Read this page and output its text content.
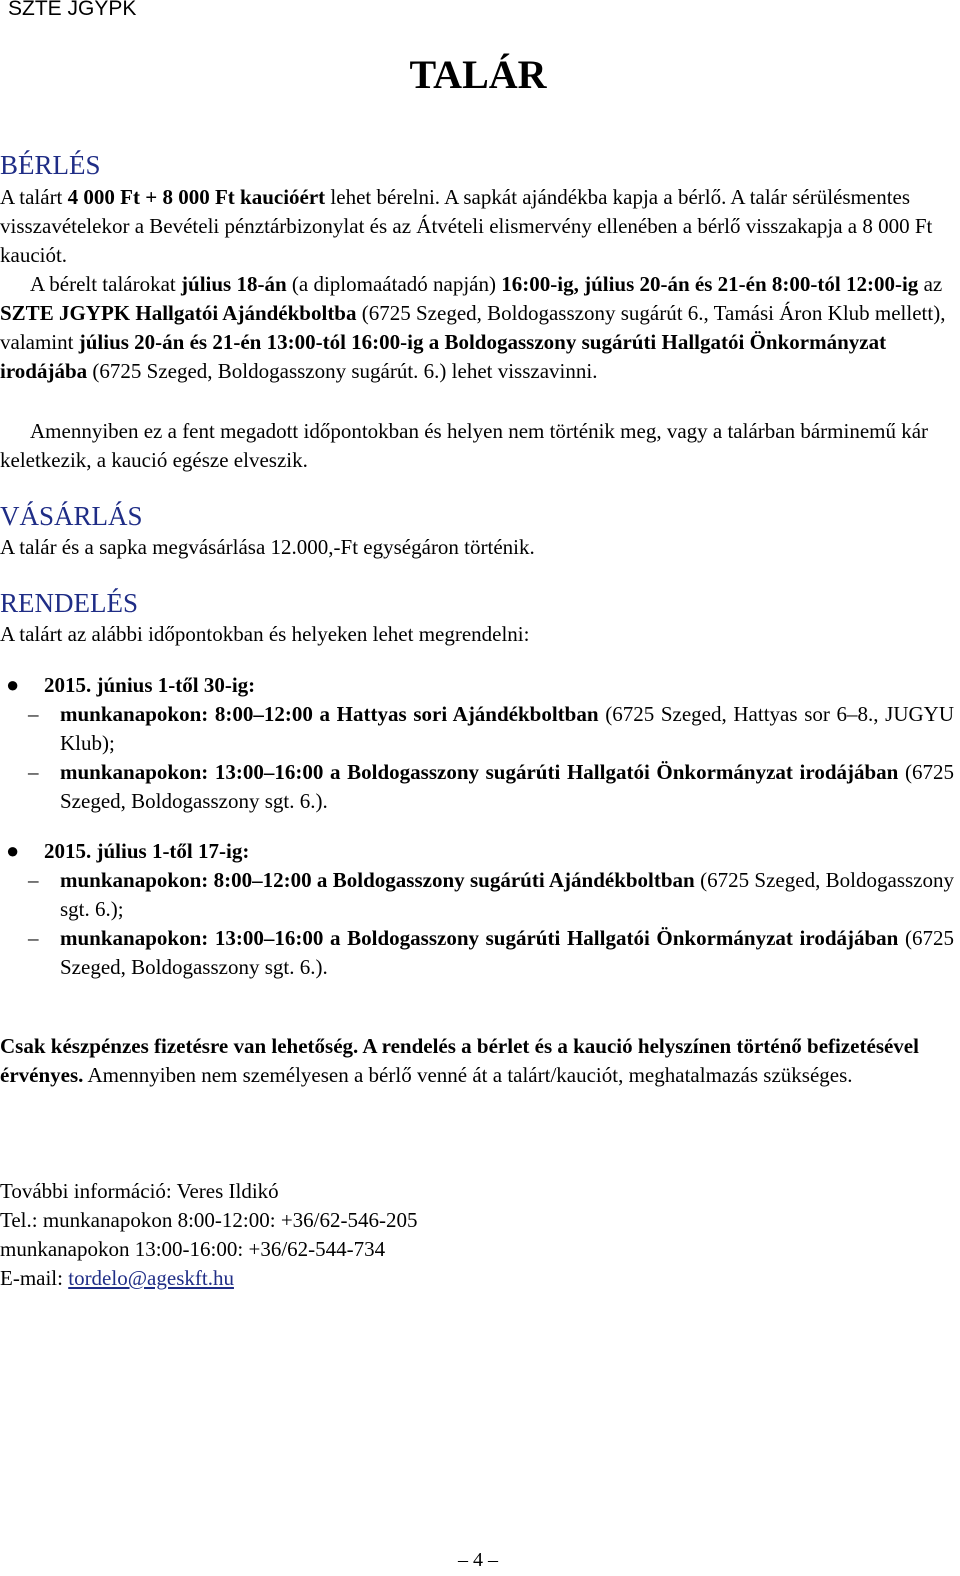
SZTE JGYPK
TALÁR
BÉRLÉS

A talárt 4 000 Ft + 8 000 Ft kaucióért lehet bérelni. A sapkát ajándékba kapja a bérlő. A talár sérülésmentes visszavételekor a Bevételi pénztárbizonylat és az Átvételi elismervény ellenében a bérlő visszakapja a 8 000 Ft kauciót.

A bérelt talárokat július 18-án (a diplomaátadó napján) 16:00-ig, július 20-án és 21-én 8:00-tól 12:00-ig az SZTE JGYPK Hallgatói Ajándékboltba (6725 Szeged, Boldogasszony sugárút 6., Tamási Áron Klub mellett), valamint július 20-án és 21-én 13:00-tól 16:00-ig a Boldogasszony sugárúti Hallgatói Önkormányzat irodájába (6725 Szeged, Boldogasszony sugárút. 6.) lehet visszavinni.

Amennyiben ez a fent megadott időpontokban és helyen nem történik meg, vagy a talárban bárminemű kár keletkezik, a kaució egésze elveszik.

VÁSÁRLÁS

A talár és a sapka megvásárlása 12.000,-Ft egységáron történik.

RENDELÉS

A talárt az alábbi időpontokban és helyeken lehet megrendelni:

● 2015. június 1-től 30-ig:
– munkanapokon: 8:00–12:00 a Hattyas sori Ajándékboltban (6725 Szeged, Hattyas sor 6–8., JUGYU Klub);

– munkanapokon: 13:00–16:00 a Boldogasszony sugárúti Hallgatói Önkormányzat irodájában (6725 Szeged, Boldogasszony sgt. 6.).

● 2015. július 1-től 17-ig:
– munkanapokon: 8:00–12:00 a Boldogasszony sugárúti Ajándékboltban (6725 Szeged, Boldogasszony sgt. 6.);

– munkanapokon: 13:00–16:00 a Boldogasszony sugárúti Hallgatói Önkormányzat irodájában (6725 Szeged, Boldogasszony sgt. 6.).

Csak készpénzes fizetésre van lehetőség. A rendelés a bérlet és a kaució helyszínen történő befizetésével érvényes. Amennyiben nem személyesen a bérlő venné át a talárt/kauciót, meghatalmazás szükséges.

További információ: Veres Ildikó
Tel.: munkanapokon 8:00-12:00: +36/62-546-205
munkanapokon 13:00-16:00: +36/62-544-734
E-mail: tordelo@ageskft.hu
– 4 –
